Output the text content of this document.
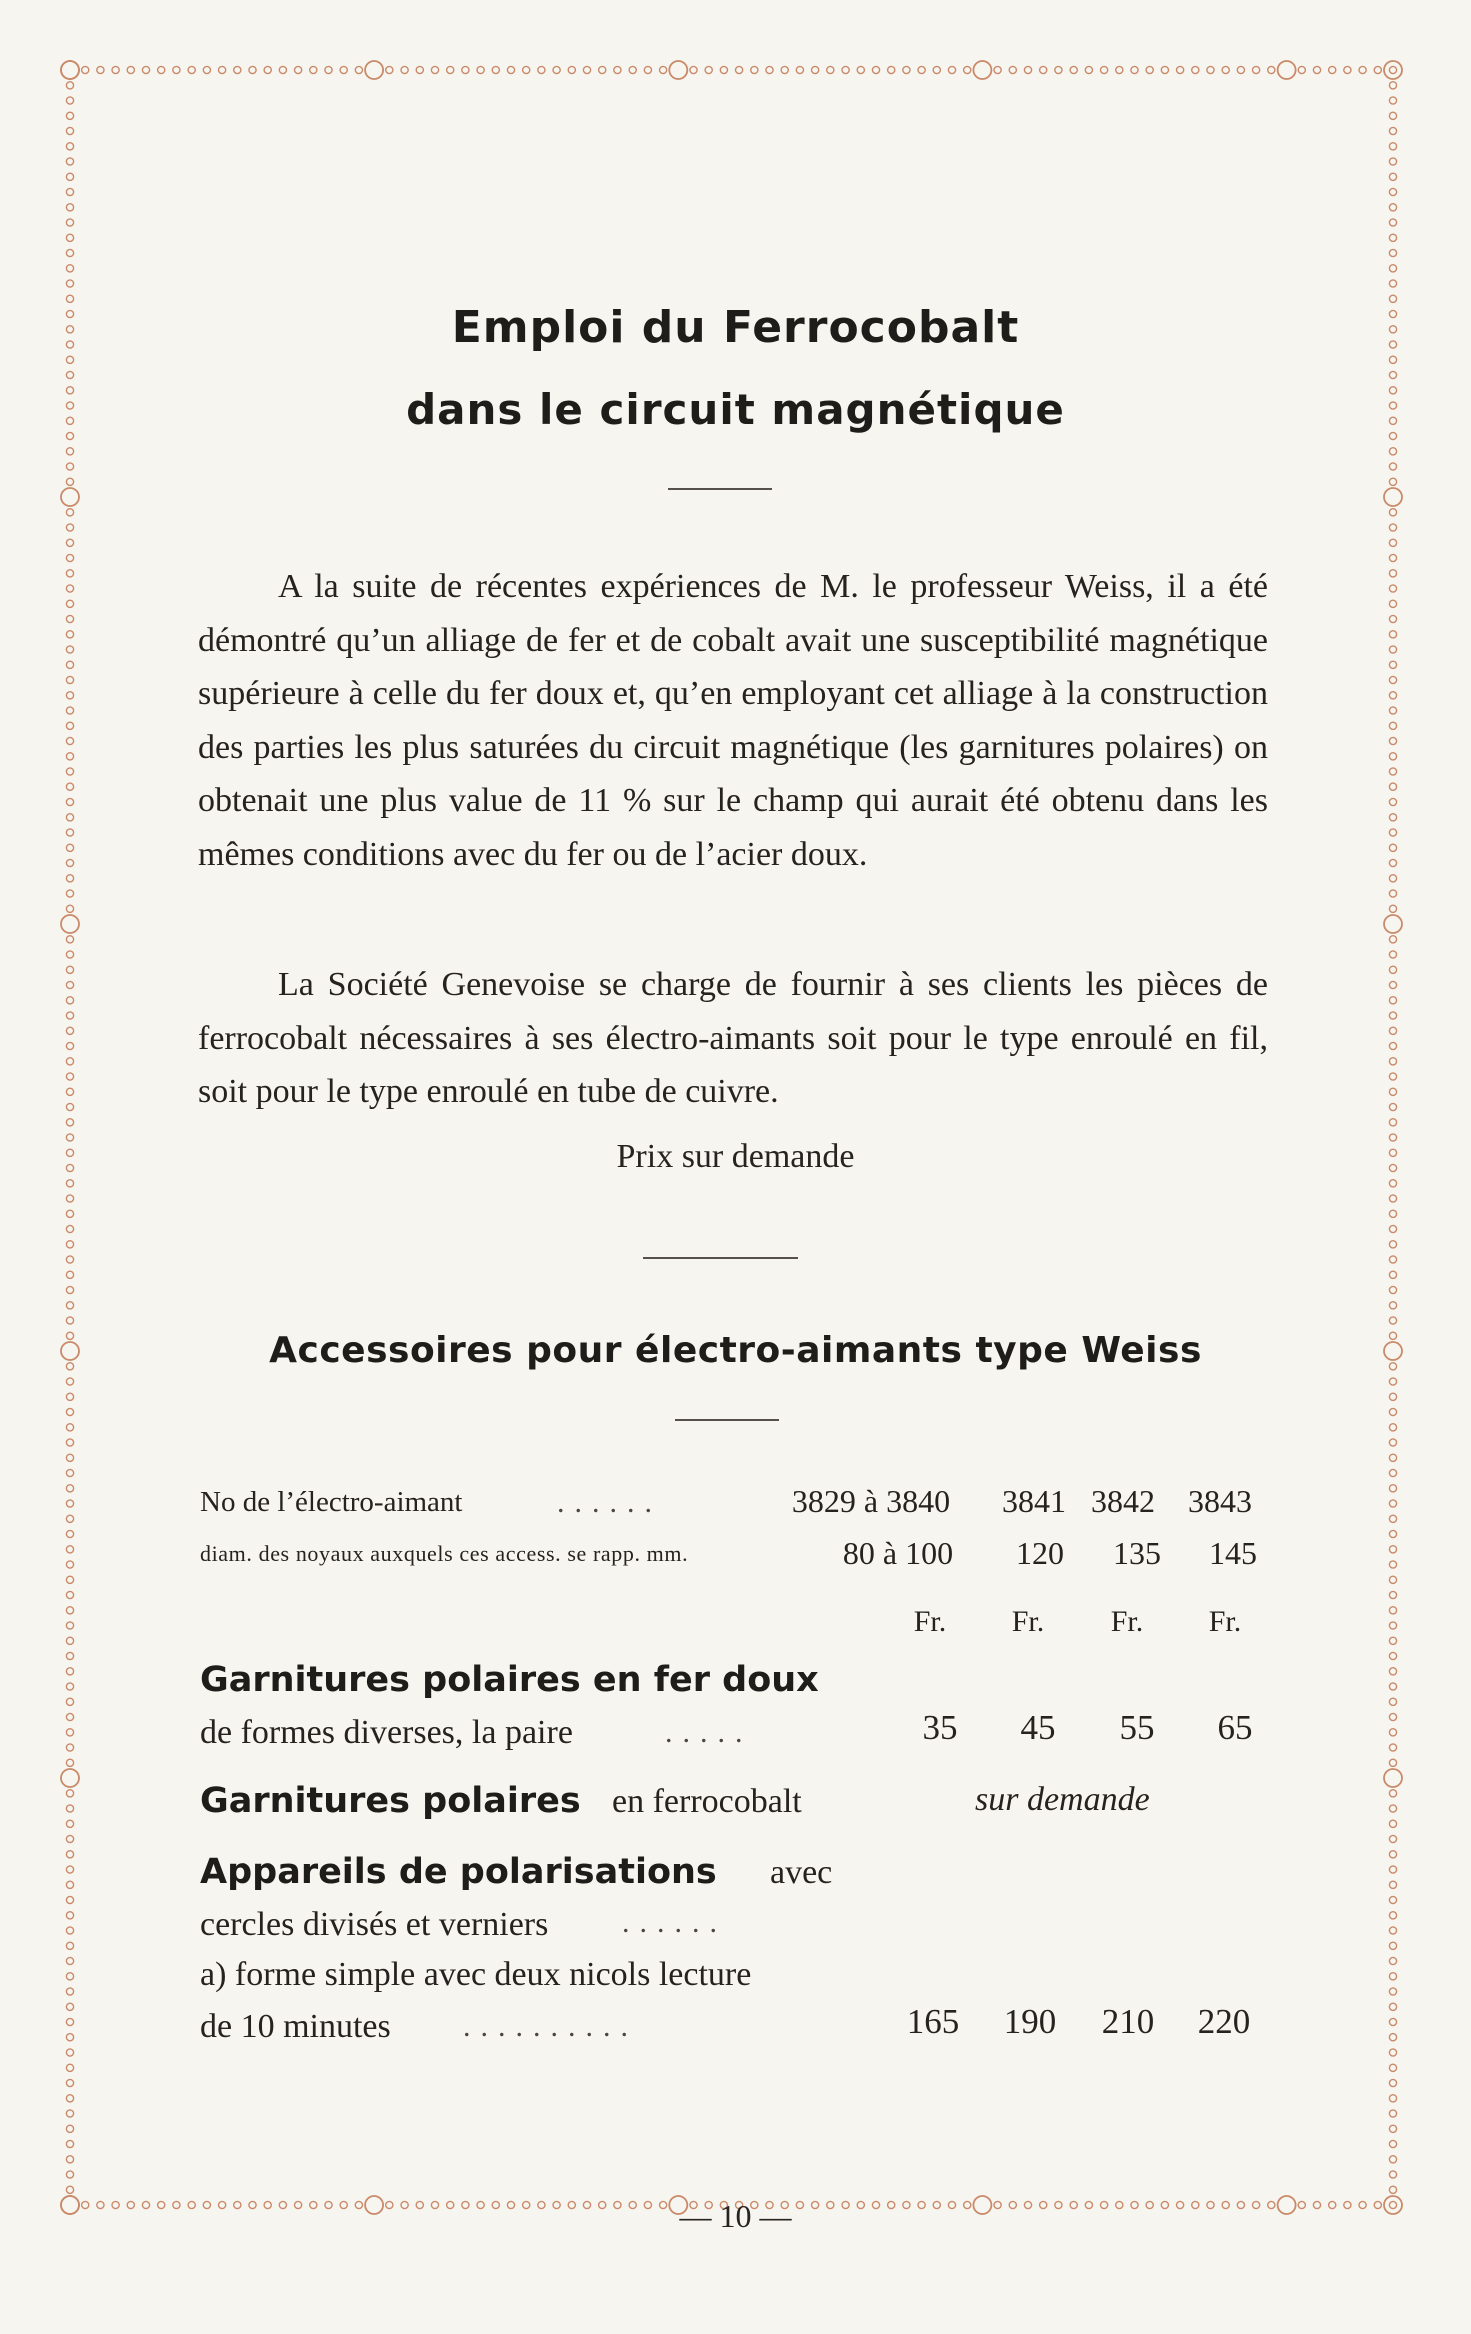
Emploi du Ferrocobalt
dans le circuit magnétique
A la suite de récentes expériences de M. le professeur Weiss, il a été démontré qu’un alliage de fer et de cobalt avait une susceptibilité magnétique supérieure à celle du fer doux et, qu’en employant cet alliage à la construction des parties les plus saturées du circuit magnétique (les garnitures polaires) on obtenait une plus value de 11 % sur le champ qui aurait été obtenu dans les mêmes conditions avec du fer ou de l’acier doux.
La Société Genevoise se charge de fournir à ses clients les pièces de ferrocobalt nécessaires à ses électro-aimants soit pour le type enroulé en fil, soit pour le type enroulé en tube de cuivre.
Prix sur demande
Accessoires pour électro-aimants type Weiss
No de l’électro-aimant	......	3829 à 3840	3841 3842	3843
diam. des noyaux auxquels ces access. se rapp. mm.	80 à 100	120	135	145
Fr.	Fr.	Fr.	Fr.
Garnitures polaires en fer doux
de formes diverses, la paire	.....	35	45	55	65
Garnitures polaires en ferrocobalt	sur demande
Appareils de polarisations avec
cercles divisés et verniers ......
a) forme simple avec deux nicols lecture
de 10 minutes ..........	165	190	210	220
— 10 —
